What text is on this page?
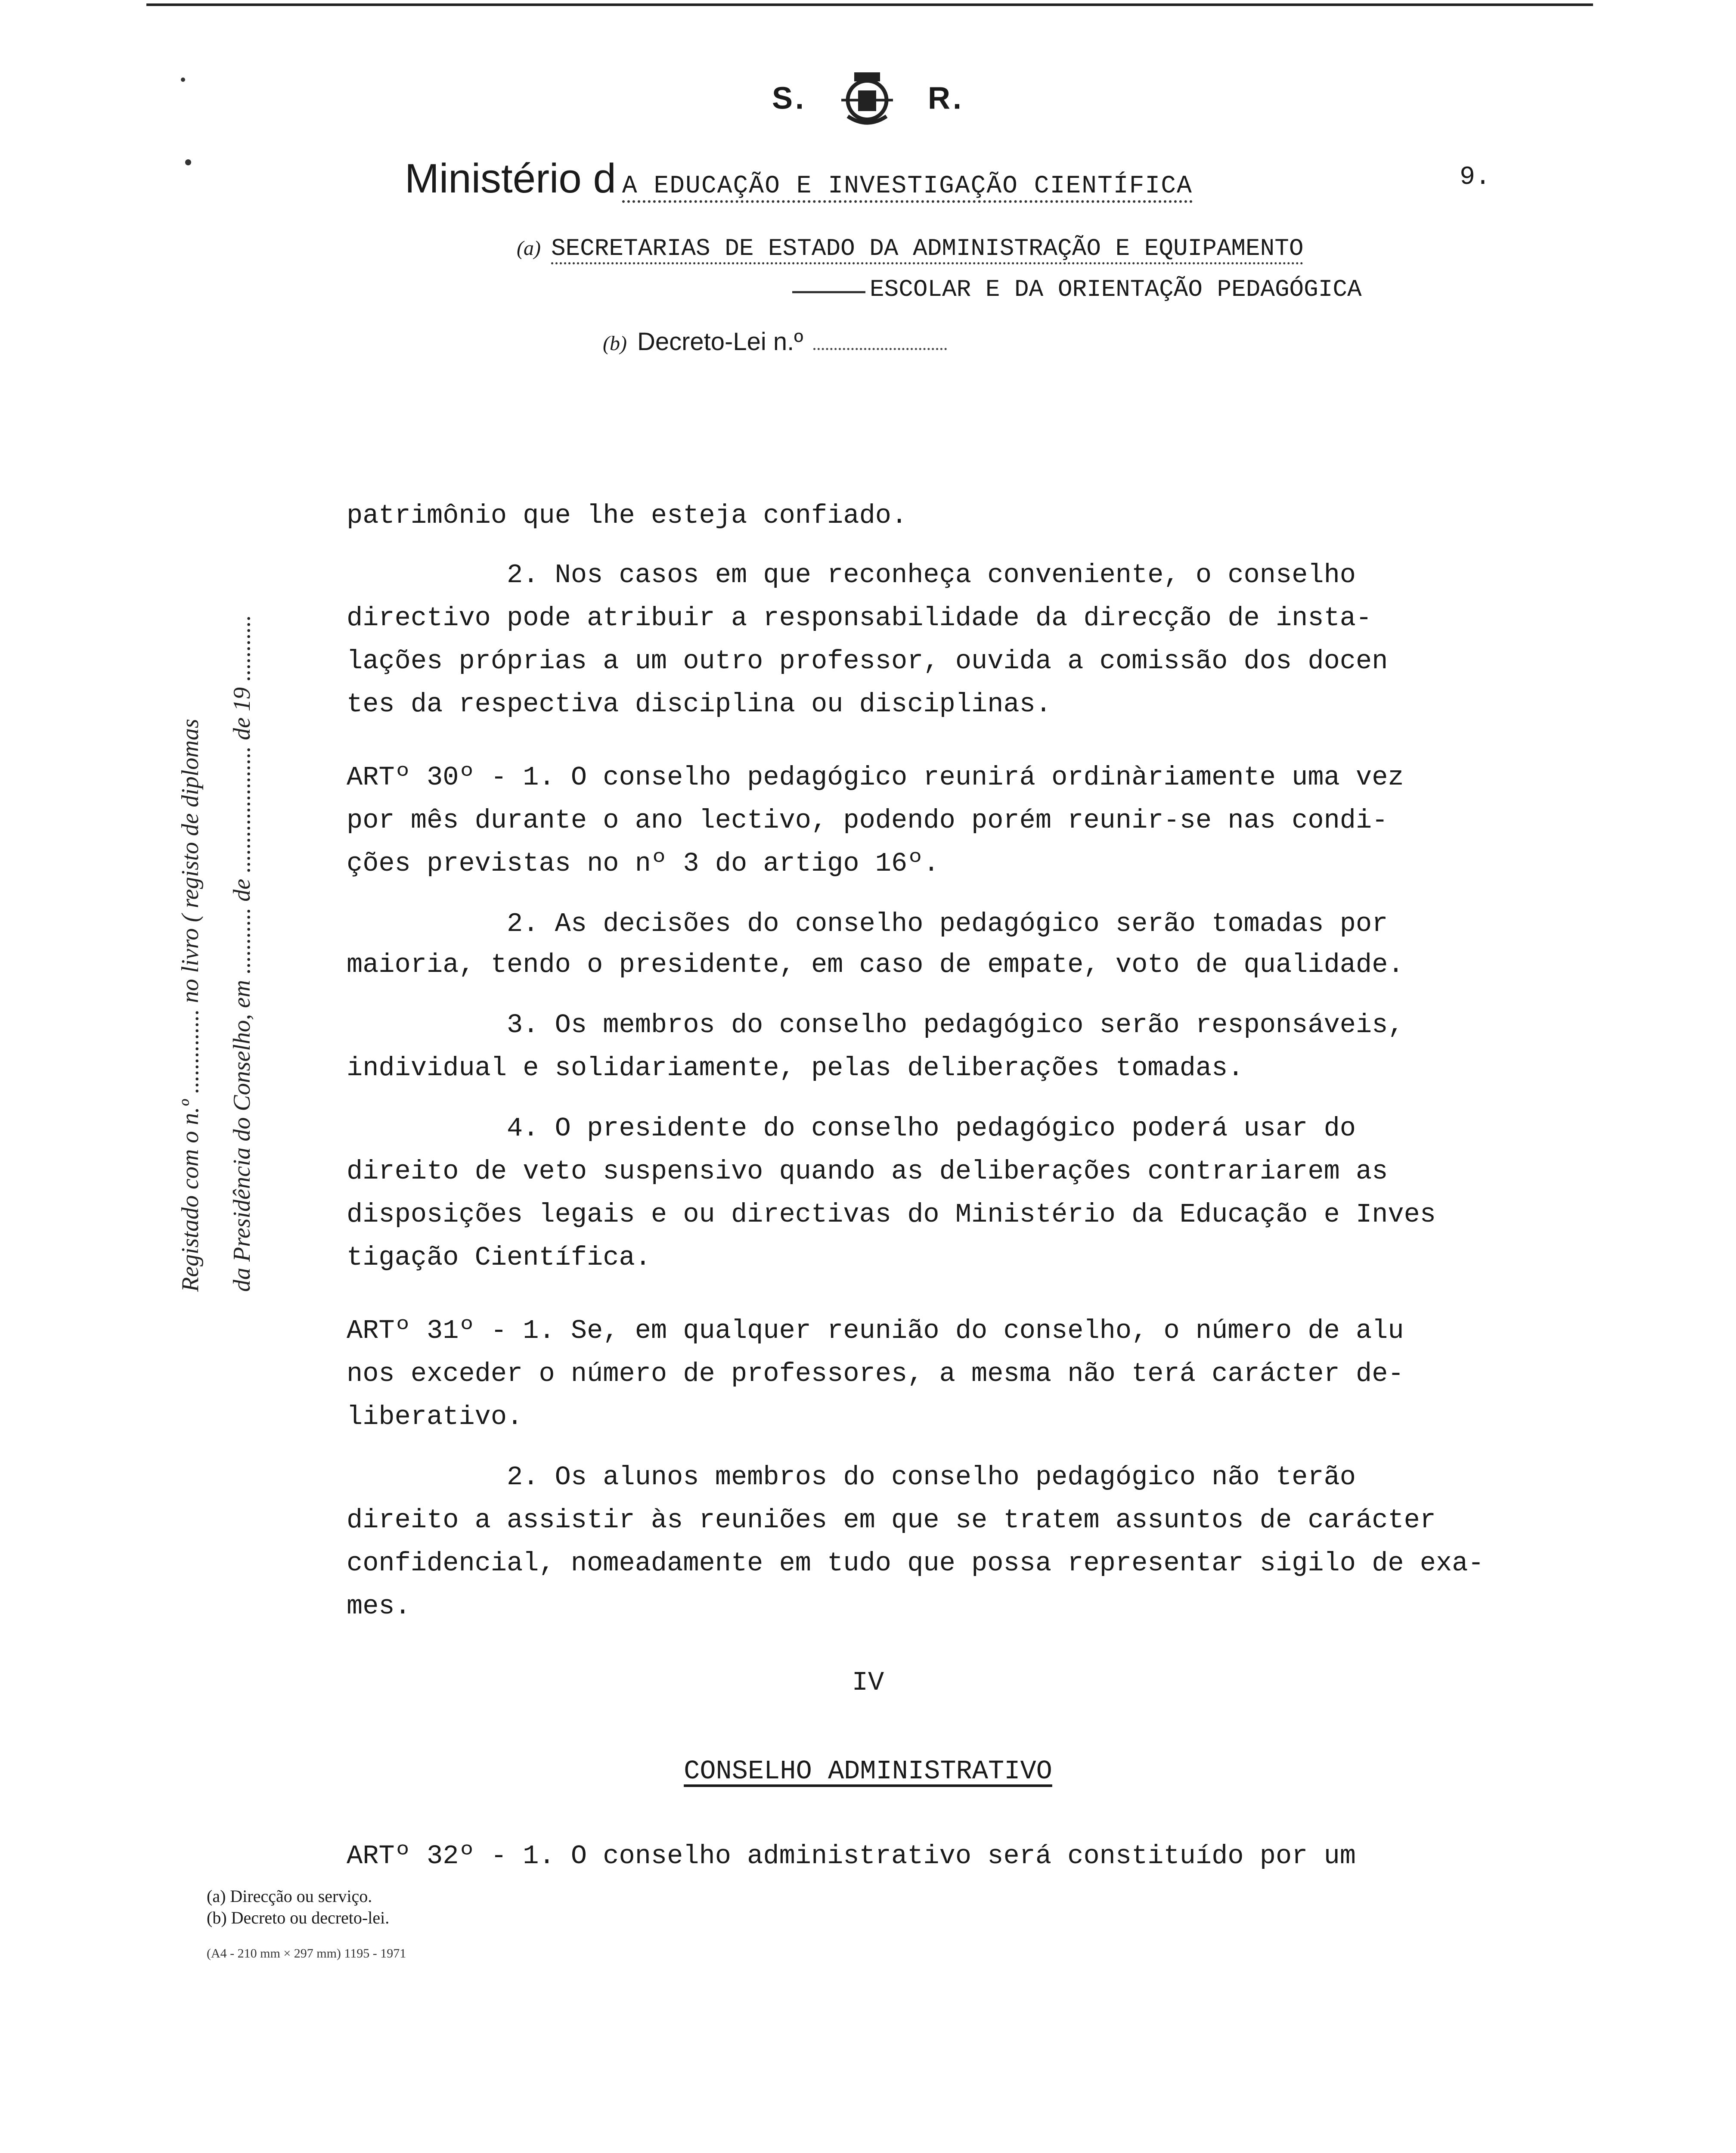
S.	R.
Ministério d A EDUCAÇÃO E INVESTIGAÇÃO CIENTÍFICA	9.
(a) SECRETARIAS DE ESTADO DA ADMINISTRAÇÃO E EQUIPAMENTO
ESCOLAR E DA ORIENTAÇÃO PEDAGÓGICA
(b) Decreto-Lei n.º
Registado com o n.º .............. no livro ( registo de diplomas da Presidência do Conselho, em ........... de ..................... de 19 ...........
patrimônio que lhe esteja confiado.
2. Nos casos em que reconheça conveniente, o conselho
directivo pode atribuir a responsabilidade da direcção de insta-
lações próprias a um outro professor, ouvida a comissão dos docen
tes da respectiva disciplina ou disciplinas.
ARTº 30º - 1. O conselho pedagógico reunirá ordinàriamente uma vez
por mês durante o ano lectivo, podendo porém reunir-se nas condi-
ções previstas no nº 3 do artigo 16º.
2. As decisões do conselho pedagógico serão tomadas por
maioria, tendo o presidente, em caso de empate, voto de qualidade.
3. Os membros do conselho pedagógico serão responsáveis,
individual e solidariamente, pelas deliberações tomadas.
4. O presidente do conselho pedagógico poderá usar do
direito de veto suspensivo quando as deliberações contrariarem as
disposições legais e ou directivas do Ministério da Educação e Inves
tigação Científica.
ARTº 31º - 1. Se, em qualquer reunião do conselho, o número de alu
nos exceder o número de professores, a mesma não terá carácter de-
liberativo.
2. Os alunos membros do conselho pedagógico não terão
direito a assistir às reuniões em que se tratem assuntos de carácter
confidencial, nomeadamente em tudo que possa representar sigilo de exa-
mes.
IV
CONSELHO ADMINISTRATIVO
ARTº 32º - 1. O conselho administrativo será constituído por um
(a) Direcção ou serviço.
(b) Decreto ou decreto-lei.
(A4 - 210 mm × 297 mm) 1195 - 1971
